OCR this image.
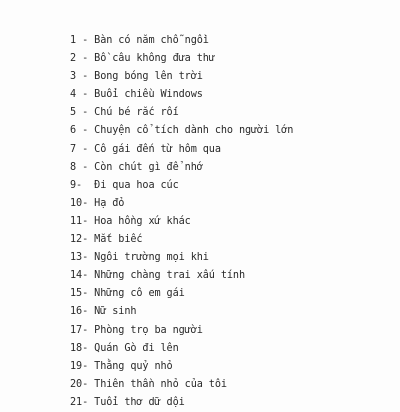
1 - Bàn có năm chỗ ngồi
2 - Bồ câu không đưa thư
3 - Bong bóng lên trời
4 - Buổi chiều Windows
5 - Chú bé rắc rối
6 - Chuyện cổ tích dành cho người lớn
7 - Cô gái đến từ hôm qua
8 - Còn chút gì để nhớ
9-  Đi qua hoa cúc
10- Hạ đỏ
11- Hoa hồng xứ khác
12- Mắt biếc
13- Ngôi trường mọi khi
14- Những chàng trai xấu tính
15- Những cô em gái
16- Nữ sinh
17- Phòng trọ ba người
18- Quán Gò đi lên
19- Thằng quỷ nhỏ
20- Thiên thần nhỏ của tôi
21- Tuổi thơ dữ dội
